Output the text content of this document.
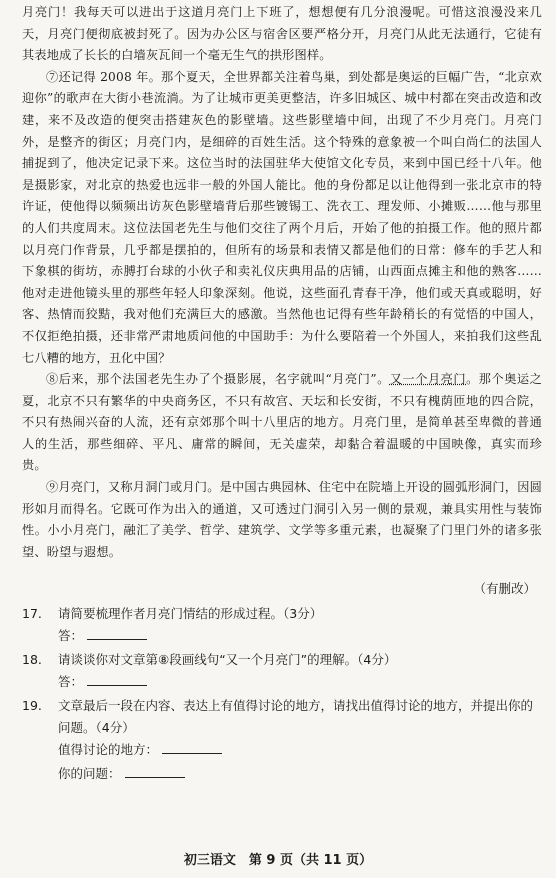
月亮门！我每天可以进出于这道月亮门上下班了，想想便有几分浪漫呢。可惜这浪漫没来几天，月亮门便彻底被封死了。因为办公区与宿舍区要严格分开，月亮门从此无法通行，它徒有其表地成了长长的白墙灰瓦间一个毫无生气的拱形图样。

⑦还记得 2008 年。那个夏天，全世界都关注着鸟巢，到处都是奥运的巨幅广告，“北京欢迎你”的歌声在大街小巷流淌。为了让城市更美更整洁，许多旧城区、城中村都在突击改造和改建，来不及改造的便突击搭建灰色的影壁墙。这些影壁墙中间，出现了不少月亮门。月亮门外，是整齐的街区；月亮门内，是细碎的百姓生活。这个特殊的意象被一个叫白尚仁的法国人捕捉到了，他决定记录下来。这位当时的法国驻华大使馆文化专员，来到中国已经十八年。他是摄影家，对北京的热爱也远非一般的外国人能比。他的身份都足以让他得到一张北京市的特许证，使他得以频频出访灰色影壁墙背后那些镀锡工、洗衣工、理发师、小摊贩……他与那里的人们共度周末。这位法国老先生与他们交往了两个月后，开始了他的拍摄工作。他的照片都以月亮门作背景，几乎都是摆拍的，但所有的场景和表情又都是他们的日常：修车的手艺人和下象棋的街坊，赤膊打台球的小伙子和卖礼仪庆典用品的店铺，山西面点摊主和他的熟客……他对走进他镜头里的那些年轻人印象深刻。他说，这些面孔青春干净，他们或天真或聪明，好客、热情而狡黠，我对他们充满巨大的感激。当然他也记得有些年龄稍长的有觉悟的中国人，不仅拒绝拍摄，还非常严肃地质问他的中国助手：为什么要陪着一个外国人，来拍我们这些乱七八糟的地方，丑化中国？

⑧后来，那个法国老先生办了个摄影展，名字就叫“月亮门”。又一个月亮门。那个奥运之夏，北京不只有繁华的中央商务区，不只有故宫、天坛和长安街，不只有槐荫匝地的四合院，不只有热闹兴奋的人流，还有京郊那个叫十八里店的地方。月亮门里，是简单甚至卑微的普通人的生活，那些细碎、平凡、庸常的瞬间，无关虚荣，却黏合着温暖的中国映像，真实而珍贵。

⑨月亮门，又称月洞门或月门。是中国古典园林、住宅中在院墙上开设的圆弧形洞门，因圆形如月而得名。它既可作为出入的通道，又可透过门洞引入另一侧的景观，兼具实用性与装饰性。小小月亮门，融汇了美学、哲学、建筑学、文学等多重元素，也凝聚了门里门外的诸多张望、盼望与遐想。

（有删改）
17. 请简要梳理作者月亮门情结的形成过程。（3分）
答：
18. 请谈谈你对文章第⑧段画线句“又一个月亮门”的理解。（4分）
答：
19. 文章最后一段在内容、表达上有值得讨论的地方，请找出值得讨论的地方，并提出你的问题。（4分）
值得讨论的地方：
你的问题：
初三语文　第 9 页（共 11 页）
